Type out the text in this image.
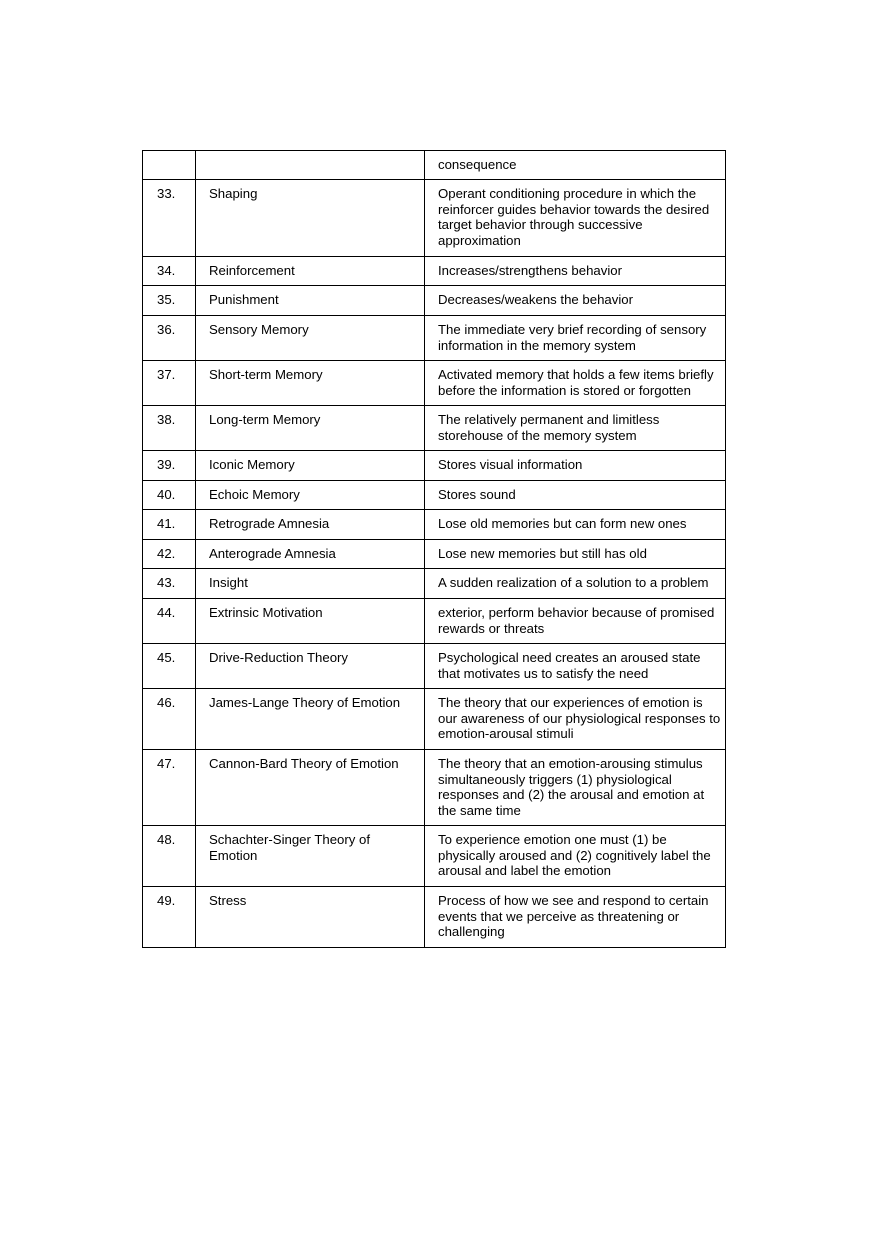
		consequence
33.	Shaping	Operant conditioning procedure in which the reinforcer guides behavior towards the desired target behavior through successive approximation
34.	Reinforcement	Increases/strengthens behavior
35.	Punishment	Decreases/weakens the behavior
36.	Sensory Memory	The immediate very brief recording of sensory information in the memory system
37.	Short-term Memory	Activated memory that holds a few items briefly before the information is stored or forgotten
38.	Long-term Memory	The relatively permanent and limitless storehouse of the memory system
39.	Iconic Memory	Stores visual information
40.	Echoic Memory	Stores sound
41.	Retrograde Amnesia	Lose old memories but can form new ones
42.	Anterograde Amnesia	Lose new memories but still has old
43.	Insight	A sudden realization of a solution to a problem
44.	Extrinsic Motivation	exterior, perform behavior because of promised rewards or threats
45.	Drive-Reduction Theory	Psychological need creates an aroused state that motivates us to satisfy the need
46.	James-Lange Theory of Emotion	The theory that our experiences of emotion is our awareness of our physiological responses to emotion-arousal stimuli
47.	Cannon-Bard Theory of Emotion	The theory that an emotion-arousing stimulus simultaneously triggers (1) physiological responses and (2) the arousal and emotion at the same time
48.	Schachter-Singer Theory of Emotion	To experience emotion one must (1) be physically aroused and (2) cognitively label the arousal and label the emotion
49.	Stress	Process of how we see and respond to certain events that we perceive as threatening or challenging
